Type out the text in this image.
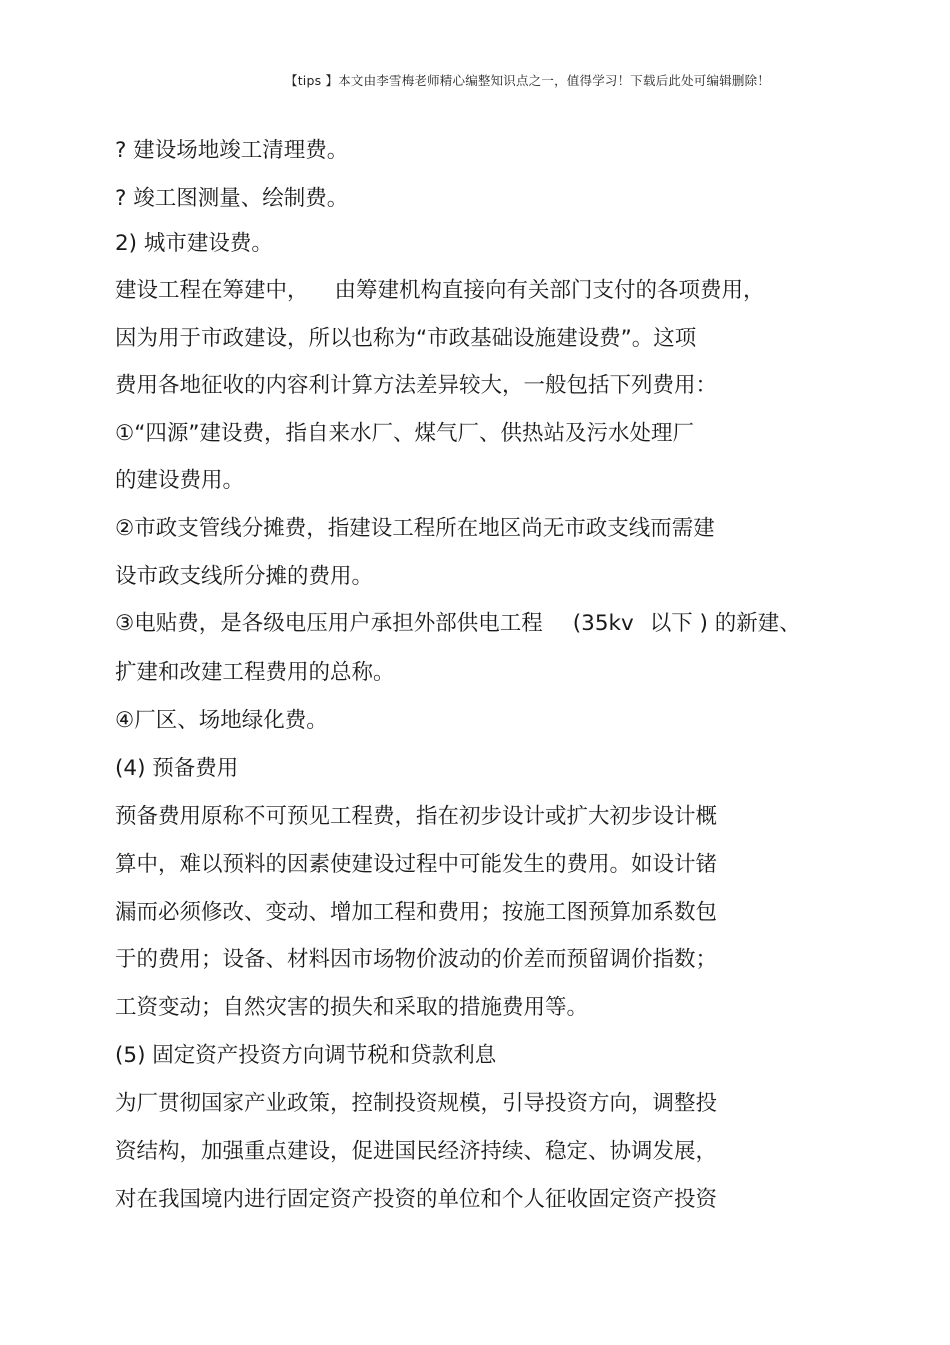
【tips 】本文由李雪梅老师精心编整知识点之一，值得学习！下载后此处可编辑删除！
? 建设场地竣工清理费。
? 竣工图测量、绘制费。
2) 城市建设费。
建设工程在筹建中， 由筹建机构直接向有关部门支付的各项费用，
因为用于市政建设，所以也称为“市政基础设施建设费”。这项
费用各地征收的内容利计算方法差异较大，一般包括下列费用：
①“四源”建设费，指自来水厂、煤气厂、供热站及污水处理厂
的建设费用。
②市政支管线分摊费，指建设工程所在地区尚无市政支线而需建
设市政支线所分摊的费用。
③电贴费，是各级电压用户承担外部供电工程 (35kv 以下 ) 的新建、
扩建和改建工程费用的总称。
④厂区、场地绿化费。
(4) 预备费用
预备费用原称不可预见工程费，指在初步设计或扩大初步设计概
算中，难以预料的因素使建设过程中可能发生的费用。如设计锗
漏而必须修改、变动、增加工程和费用；按施工图预算加系数包
于的费用；设备、材料因市场物价波动的价差而预留调价指数；
工资变动；自然灾害的损失和采取的措施费用等。
(5) 固定资产投资方向调节税和贷款利息
为厂贯彻国家产业政策，控制投资规模，引导投资方向，调整投
资结构，加强重点建设，促进国民经济持续、稳定、协调发展，
对在我国境内进行固定资产投资的单位和个人征收固定资产投资
